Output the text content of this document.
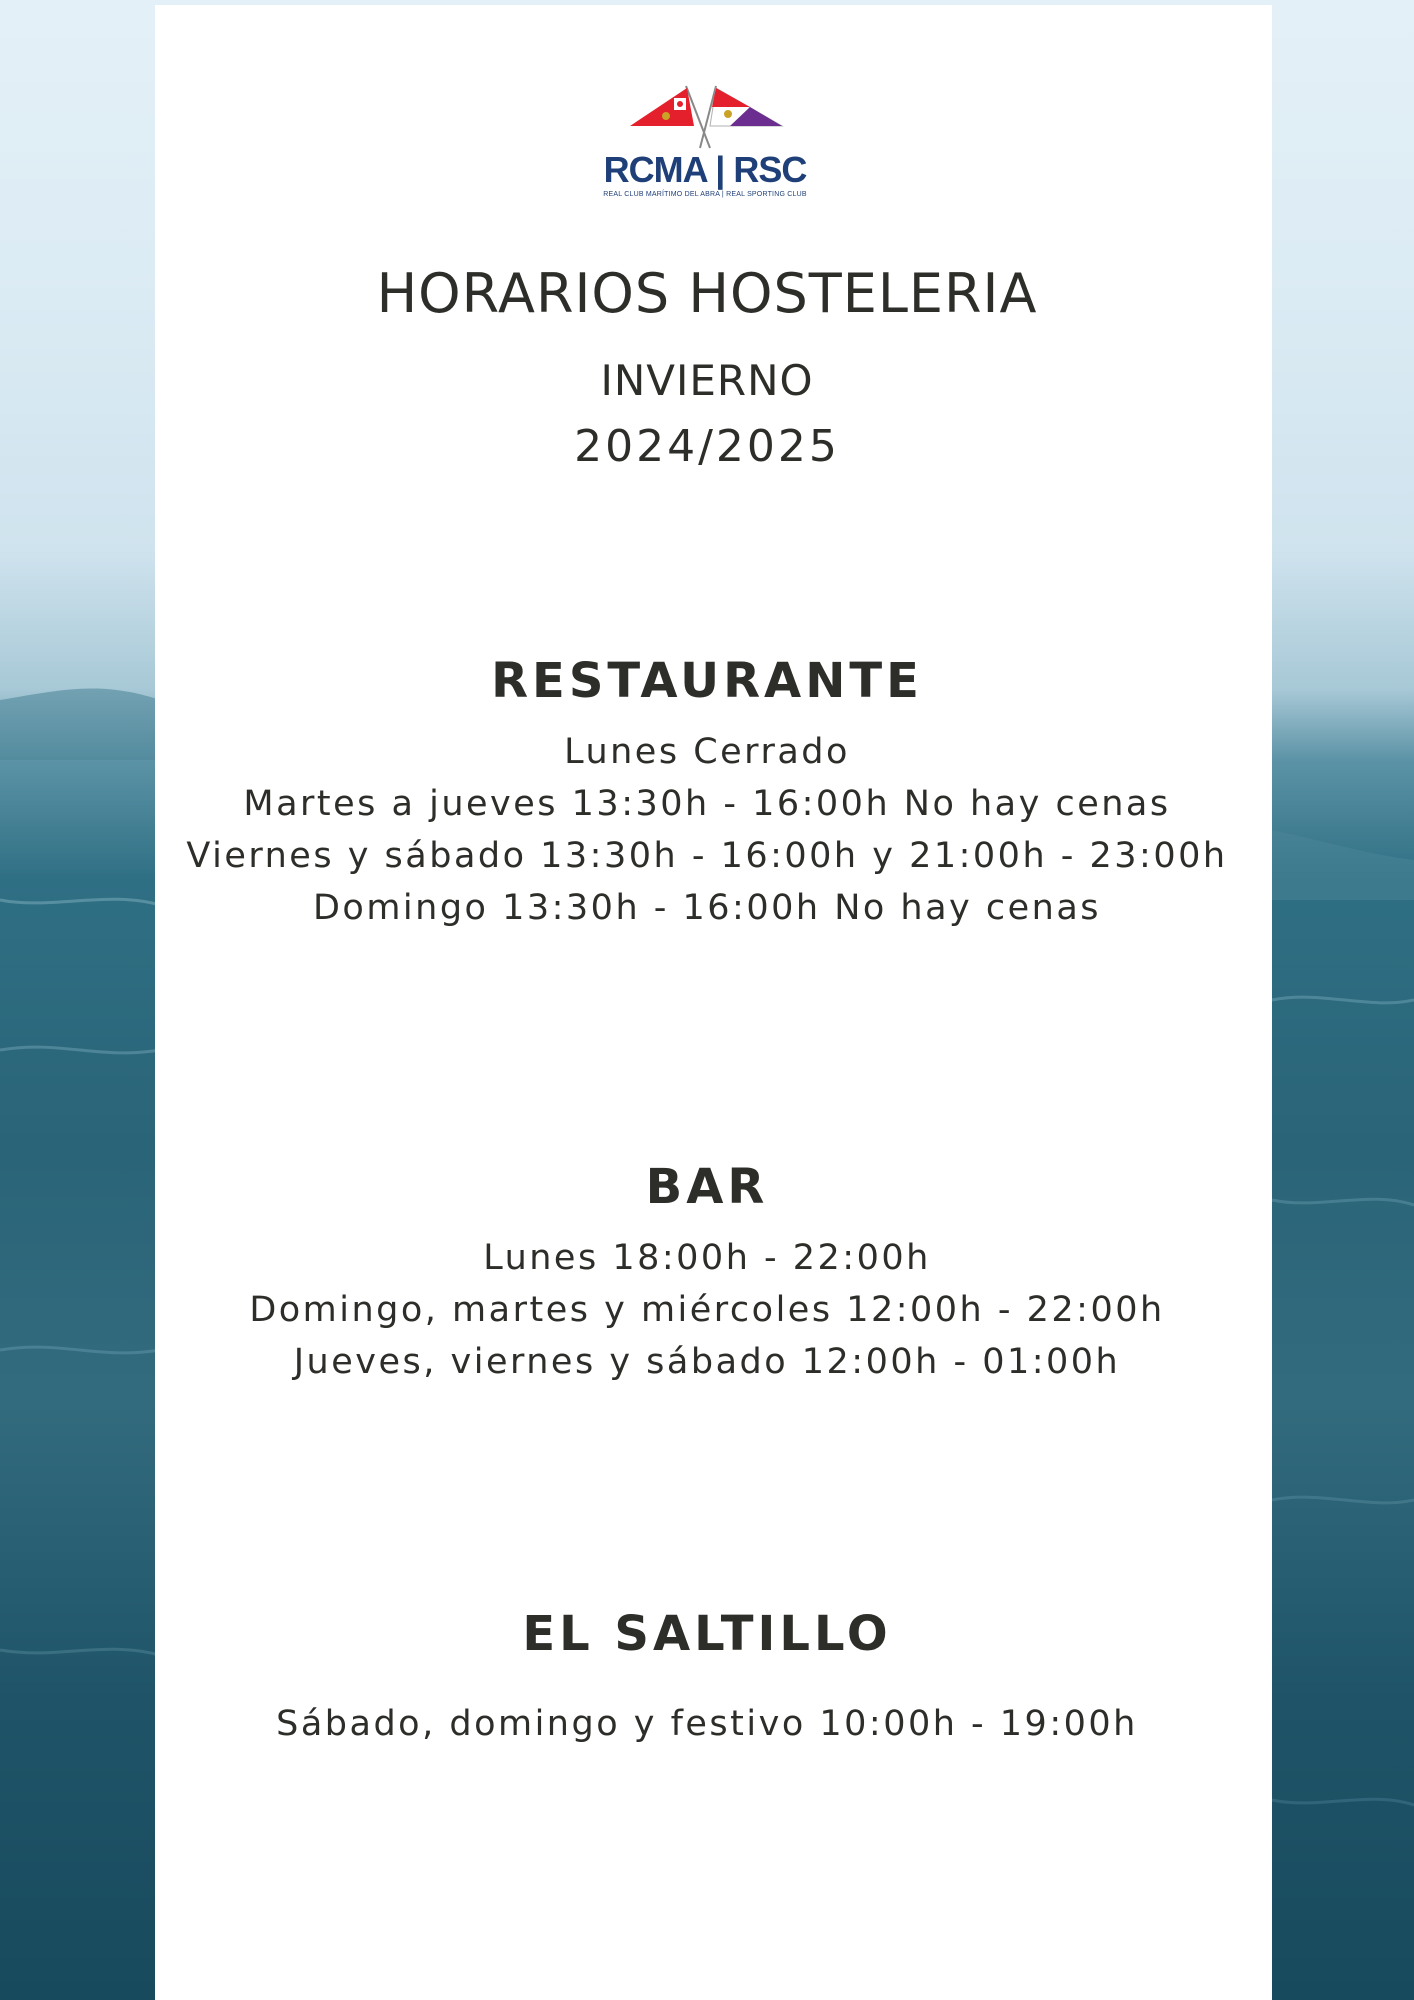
RCMA | RSC
REAL CLUB MARÍTIMO DEL ABRA | REAL SPORTING CLUB
HORARIOS HOSTELERIA
INVIERNO
2024/2025
RESTAURANTE
Lunes Cerrado
Martes a jueves 13:30h - 16:00h No hay cenas
Viernes y sábado 13:30h - 16:00h y 21:00h - 23:00h
Domingo 13:30h - 16:00h No hay cenas
BAR
Lunes 18:00h - 22:00h
Domingo, martes y miércoles 12:00h - 22:00h
Jueves, viernes y sábado 12:00h - 01:00h
EL SALTILLO
Sábado, domingo y festivo 10:00h - 19:00h
